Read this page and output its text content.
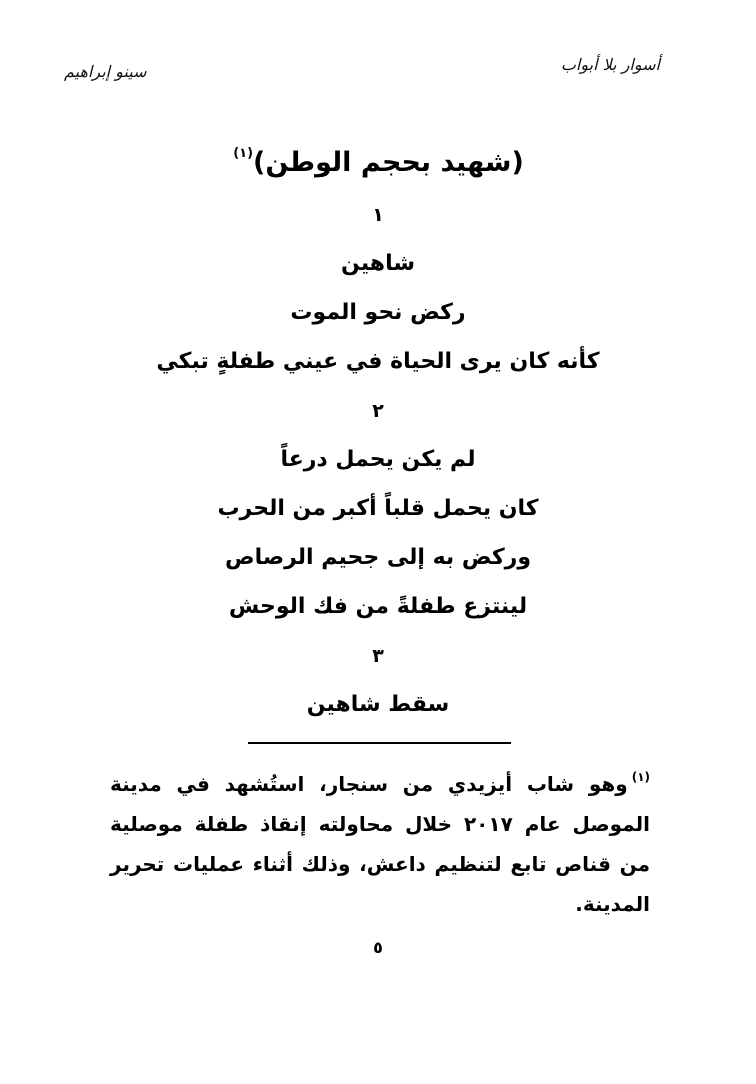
أسوار بلا أبواب
سينو إبراهيم
(شهيد بحجم الوطن)$^{(١)}$
١
شاهين
ركض نحو الموت
كأنه كان يرى الحياة في عيني طفلةٍ تبكي
٢
لم يكن يحمل درعاً
كان يحمل قلباً أكبر من الحرب
وركض به إلى جحيم الرصاص
لينتزع طفلةً من فك الوحش
٣
سقط شاهين
$^{(١)}$وهو شاب أيزيدي من سنجار، استُشهد في مدينة الموصل عام ٢٠١٧ خلال محاولته إنقاذ طفلة موصلية من قناص تابع لتنظيم داعش، وذلك أثناء عمليات تحرير المدينة.
٥
